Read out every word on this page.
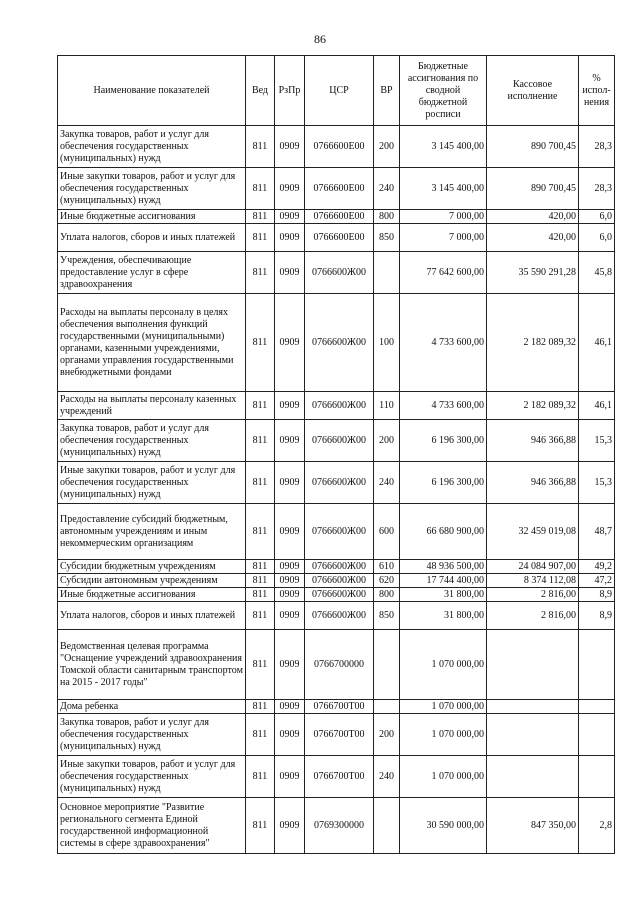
86
Наименование показателей	Вед	РзПр	ЦСР	ВР	Бюджетные ассигнования по сводной бюджетной росписи	Кассовое исполнение	% испол-нения
Закупка товаров, работ и услуг для обеспечения государственных (муниципальных) нужд	811	0909	0766600Е00	200	3 145 400,00	890 700,45	28,3
Иные закупки товаров, работ и услуг для обеспечения государственных (муниципальных) нужд	811	0909	0766600Е00	240	3 145 400,00	890 700,45	28,3
Иные бюджетные ассигнования	811	0909	0766600Е00	800	7 000,00	420,00	6,0
Уплата налогов, сборов и иных платежей	811	0909	0766600Е00	850	7 000,00	420,00	6,0
Учреждения, обеспечивающие предоставление услуг в сфере здравоохранения	811	0909	0766600Ж00		77 642 600,00	35 590 291,28	45,8
Расходы на выплаты персоналу в целях обеспечения выполнения функций государственными (муниципальными) органами, казенными учреждениями, органами управления государственными внебюджетными фондами	811	0909	0766600Ж00	100	4 733 600,00	2 182 089,32	46,1
Расходы на выплаты персоналу казенных учреждений	811	0909	0766600Ж00	110	4 733 600,00	2 182 089,32	46,1
Закупка товаров, работ и услуг для обеспечения государственных (муниципальных) нужд	811	0909	0766600Ж00	200	6 196 300,00	946 366,88	15,3
Иные закупки товаров, работ и услуг для обеспечения государственных (муниципальных) нужд	811	0909	0766600Ж00	240	6 196 300,00	946 366,88	15,3
Предоставление субсидий бюджетным, автономным учреждениям и иным некоммерческим организациям	811	0909	0766600Ж00	600	66 680 900,00	32 459 019,08	48,7
Субсидии бюджетным учреждениям	811	0909	0766600Ж00	610	48 936 500,00	24 084 907,00	49,2
Субсидии автономным учреждениям	811	0909	0766600Ж00	620	17 744 400,00	8 374 112,08	47,2
Иные бюджетные ассигнования	811	0909	0766600Ж00	800	31 800,00	2 816,00	8,9
Уплата налогов, сборов и иных платежей	811	0909	0766600Ж00	850	31 800,00	2 816,00	8,9
Ведомственная целевая программа "Оснащение учреждений здравоохранения Томской области санитарным транспортом на 2015 - 2017 годы"	811	0909	0766700000		1 070 000,00		
Дома ребенка	811	0909	0766700Т00		1 070 000,00		
Закупка товаров, работ и услуг для обеспечения государственных (муниципальных) нужд	811	0909	0766700Т00	200	1 070 000,00		
Иные закупки товаров, работ и услуг для обеспечения государственных (муниципальных) нужд	811	0909	0766700Т00	240	1 070 000,00		
Основное мероприятие "Развитие регионального сегмента Единой государственной информационной системы в сфере здравоохранения"	811	0909	0769300000		30 590 000,00	847 350,00	2,8
